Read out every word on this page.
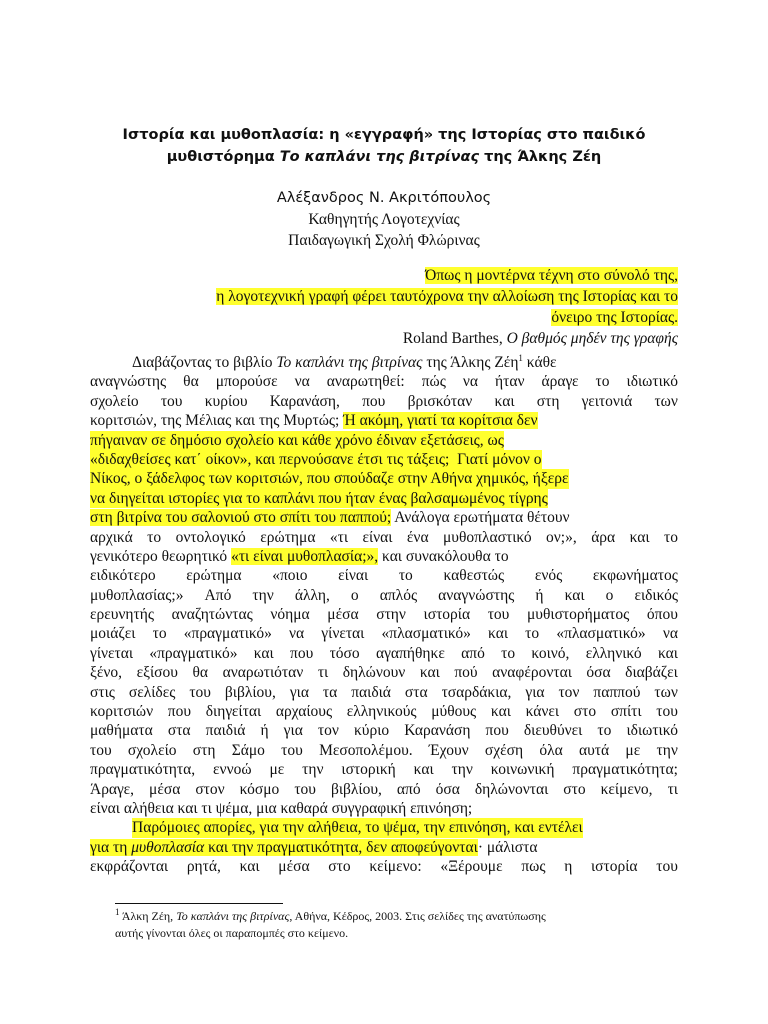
Ιστορία και μυθοπλασία: η «εγγραφή» της Ιστορίας στο παιδικό
μυθιστόρημα Το καπλάνι της βιτρίνας της Άλκης Ζέη
Αλέξανδρος Ν. Ακριτόπουλος
Καθηγητής Λογοτεχνίας
Παιδαγωγική Σχολή Φλώρινας
Όπως η μοντέρνα τέχνη στο σύνολό της,
η λογοτεχνική γραφή φέρει ταυτόχρονα την αλλοίωση της Ιστορίας και το
όνειρο της Ιστορίας.
Roland Barthes, Ο βαθμός μηδέν της γραφής
Διαβάζοντας το βιβλίο Το καπλάνι της βιτρίνας της Άλκης Ζέη$^1$ κάθε
αναγνώστης θα μπορούσε να αναρωτηθεί: πώς να ήταν άραγε το ιδιωτικό
σχολείο του κυρίου Καρανάση, που βρισκόταν και στη γειτονιά των
κοριτσιών, της Μέλιας και της Μυρτώς; Ή ακόμη, γιατί τα κορίτσια δεν
πήγαιναν σε δημόσιο σχολείο και κάθε χρόνο έδιναν εξετάσεις, ως
«διδαχθείσες κατ΄ οίκον», και περνούσανε έτσι τις τάξεις;  Γιατί μόνον ο
Νίκος, ο ξάδελφος των κοριτσιών, που σπούδαζε στην Αθήνα χημικός, ήξερε
να διηγείται ιστορίες για το καπλάνι που ήταν ένας βαλσαμωμένος τίγρης
στη βιτρίνα του σαλονιού στο σπίτι του παππού; Ανάλογα ερωτήματα θέτουν
αρχικά το οντολογικό ερώτημα «τι είναι ένα μυθοπλαστικό ον;», άρα και το
γενικότερο θεωρητικό «τι είναι μυθοπλασία;», και συνακόλουθα το
ειδικότερο ερώτημα «ποιο είναι το καθεστώς ενός εκφωνήματος
μυθοπλασίας;» Από την άλλη, ο απλός αναγνώστης ή και ο ειδικός
ερευνητής αναζητώντας νόημα μέσα στην ιστορία του μυθιστορήματος όπου
μοιάζει το «πραγματικό» να γίνεται «πλασματικό» και το «πλασματικό» να
γίνεται «πραγματικό» και που τόσο αγαπήθηκε από το κοινό, ελληνικό και
ξένο, εξίσου θα αναρωτιόταν τι δηλώνουν και πού αναφέρονται όσα διαβάζει
στις σελίδες του βιβλίου, για τα παιδιά στα τσαρδάκια, για τον παππού των
κοριτσιών που διηγείται αρχαίους ελληνικούς μύθους και κάνει στο σπίτι του
μαθήματα στα παιδιά ή για τον κύριο Καρανάση που διευθύνει το ιδιωτικό
του σχολείο στη Σάμο του Μεσοπολέμου. Έχουν σχέση όλα αυτά με την
πραγματικότητα, εννοώ με την ιστορική και την κοινωνική πραγματικότητα;
Άραγε, μέσα στον κόσμο του βιβλίου, από όσα δηλώνονται στο κείμενο, τι
είναι αλήθεια και τι ψέμα, μια καθαρά συγγραφική επινόηση;
Παρόμοιες απορίες, για την αλήθεια, το ψέμα, την επινόηση, και εντέλει
για τη μυθοπλασία και την πραγματικότητα, δεν αποφεύγονται· μάλιστα
εκφράζονται ρητά, και μέσα στο κείμενο: «Ξέρουμε πως η ιστορία του
$^1$ Άλκη Ζέη, Το καπλάνι της βιτρίνας, Αθήνα, Κέδρος, 2003. Στις σελίδες της ανατύπωσης
αυτής γίνονται όλες οι παραπομπές στο κείμενο.
